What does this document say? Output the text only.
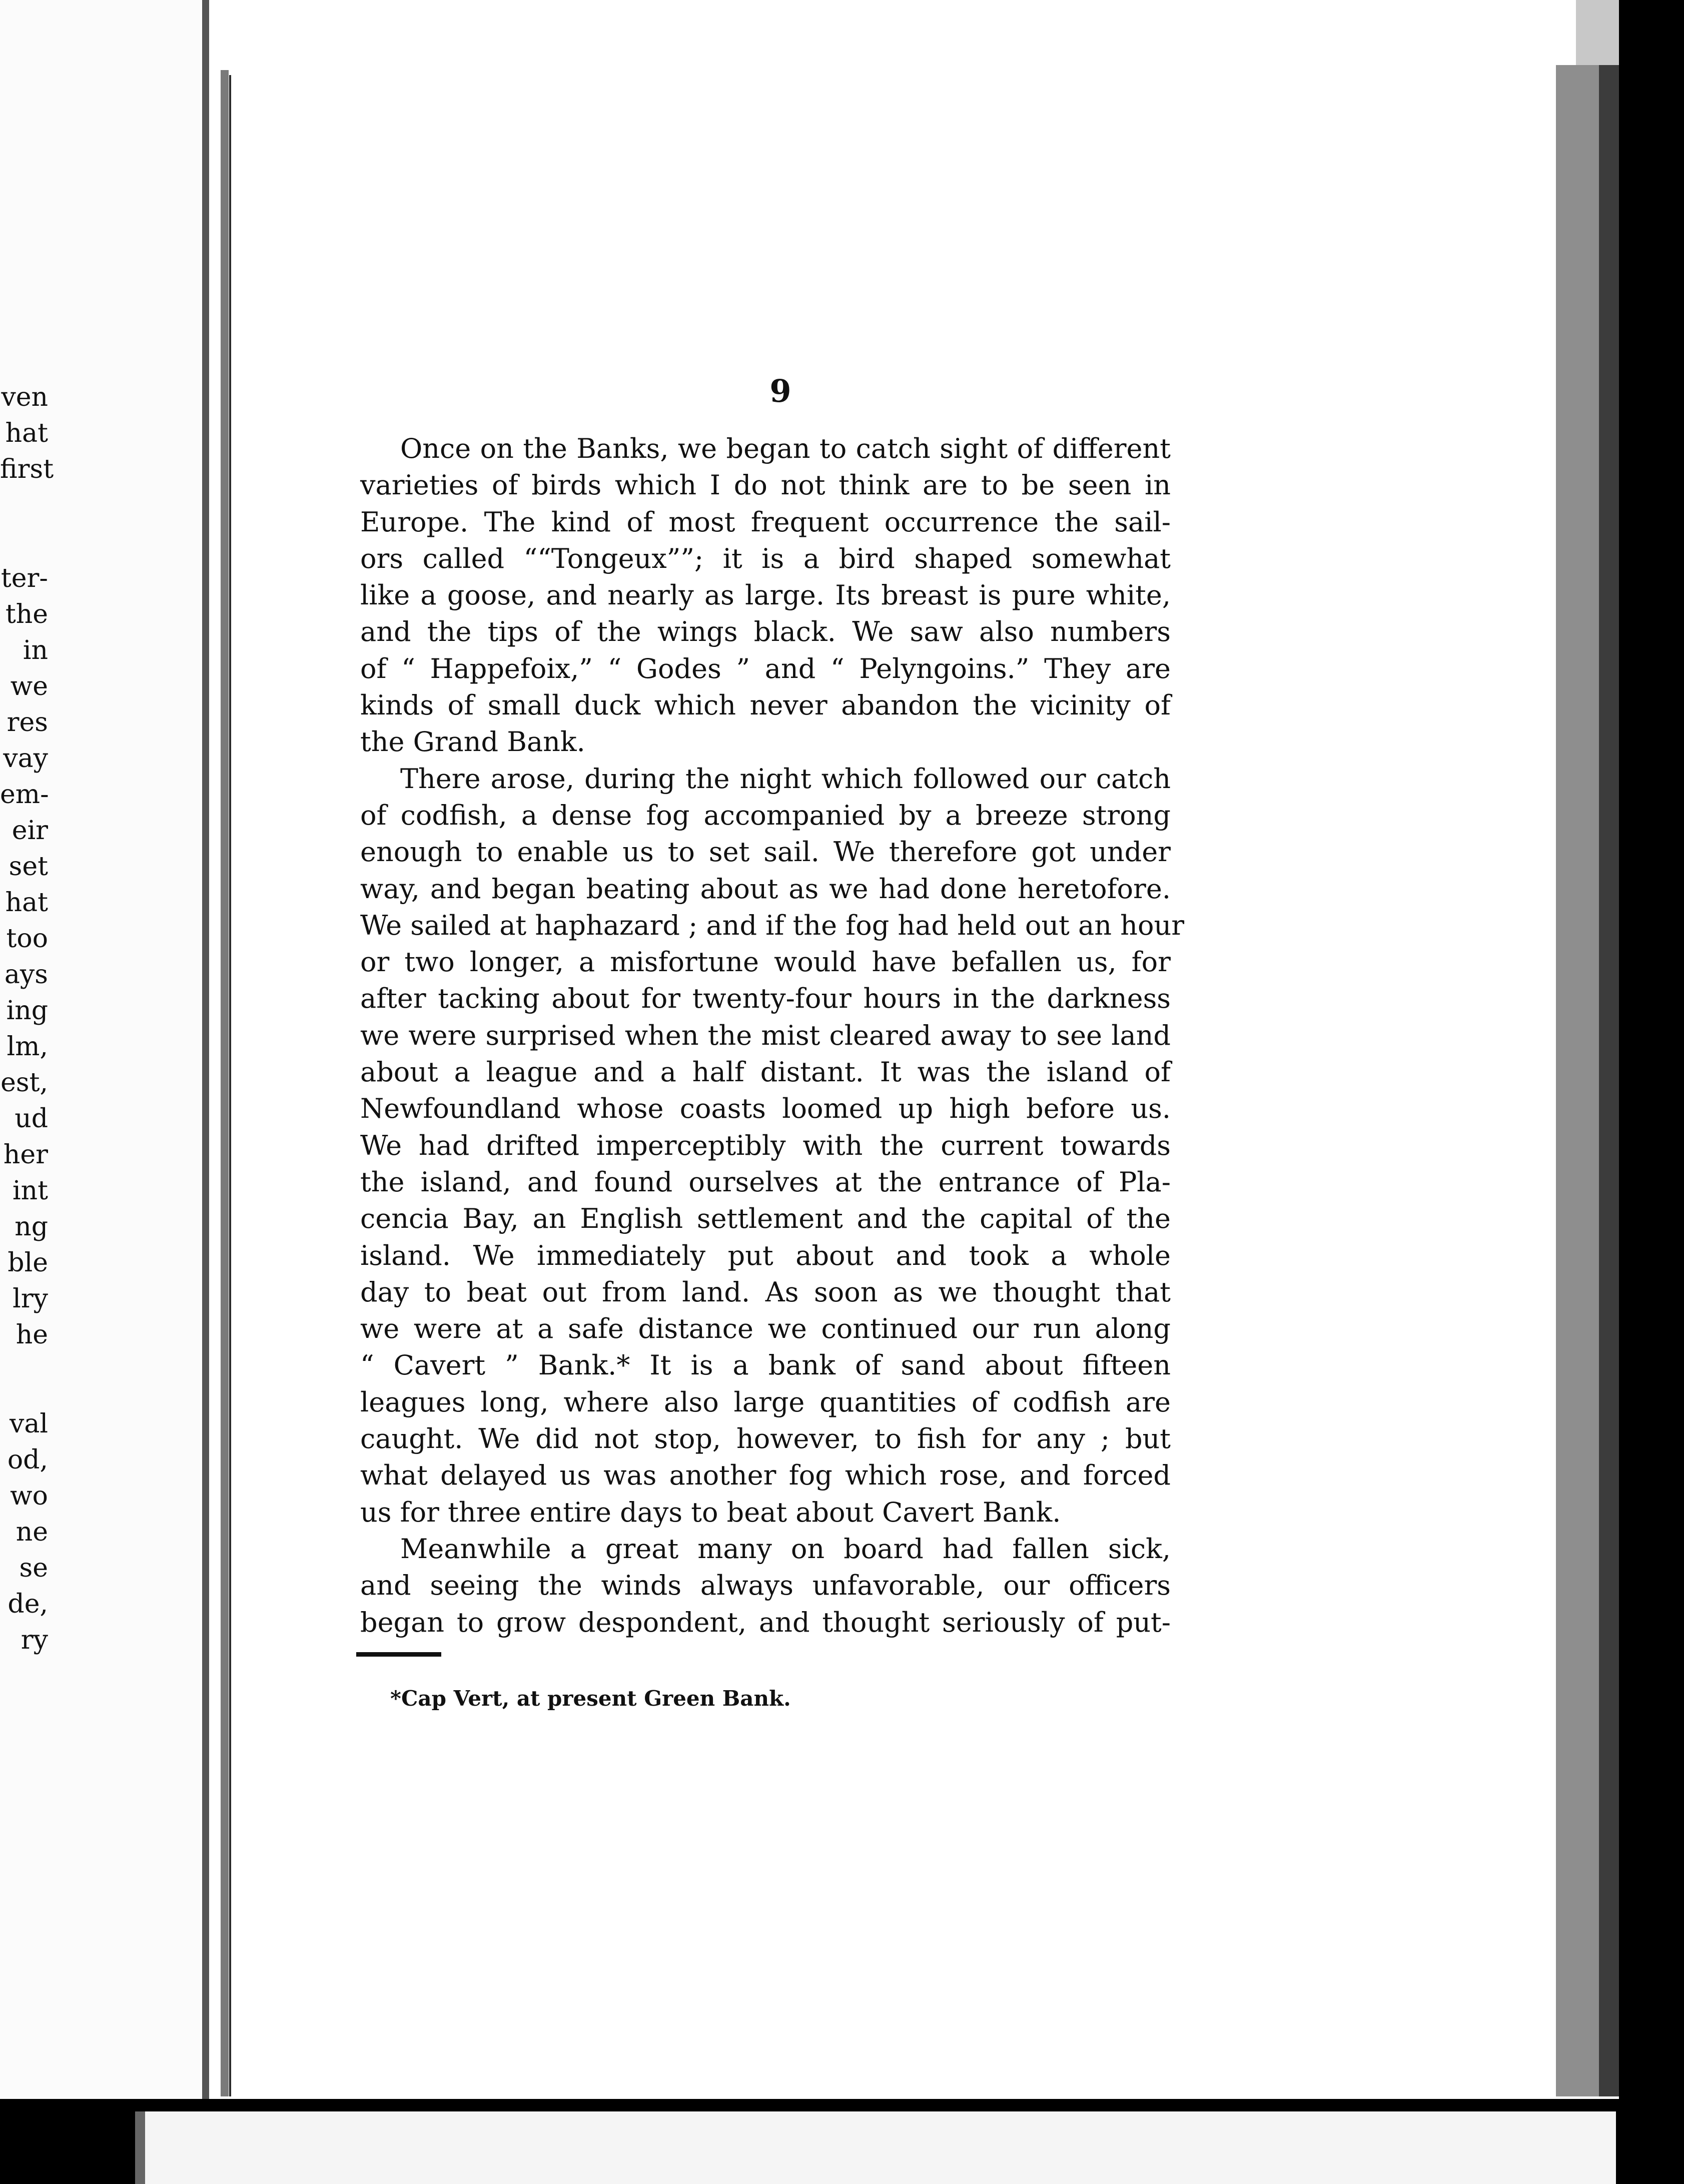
ven
hat
first
ter-
the
in
we
res
vay
em-
eir
set
hat
too
ays
ing
lm,
est,
ud
her
int
ng
ble
lry
he
val
od,
wo
ne
se
de,
ry
9
Once on the Banks, we began to catch sight of different
varieties of birds which I do not think are to be seen in
Europe. The kind of most frequent occurrence the sail-
ors called ““Tongeux””; it is a bird shaped somewhat
like a goose, and nearly as large. Its breast is pure white,
and the tips of the wings black. We saw also numbers
of “ Happefoix,” “ Godes ” and “ Pelyngoins.” They are
kinds of small duck which never abandon the vicinity of
the Grand Bank.
There arose, during the night which followed our catch
of codfish, a dense fog accompanied by a breeze strong
enough to enable us to set sail. We therefore got under
way, and began beating about as we had done heretofore.
We sailed at haphazard ; and if the fog had held out an hour
or two longer, a misfortune would have befallen us, for
after tacking about for twenty-four hours in the darkness
we were surprised when the mist cleared away to see land
about a league and a half distant. It was the island of
Newfoundland whose coasts loomed up high before us.
We had drifted imperceptibly with the current towards
the island, and found ourselves at the entrance of Pla-
cencia Bay, an English settlement and the capital of the
island. We immediately put about and took a whole
day to beat out from land. As soon as we thought that
we were at a safe distance we continued our run along
“ Cavert ” Bank.* It is a bank of sand about fifteen
leagues long, where also large quantities of codfish are
caught. We did not stop, however, to fish for any ; but
what delayed us was another fog which rose, and forced
us for three entire days to beat about Cavert Bank.
Meanwhile a great many on board had fallen sick,
and seeing the winds always unfavorable, our officers
began to grow despondent, and thought seriously of put-
*Cap Vert, at present Green Bank.
